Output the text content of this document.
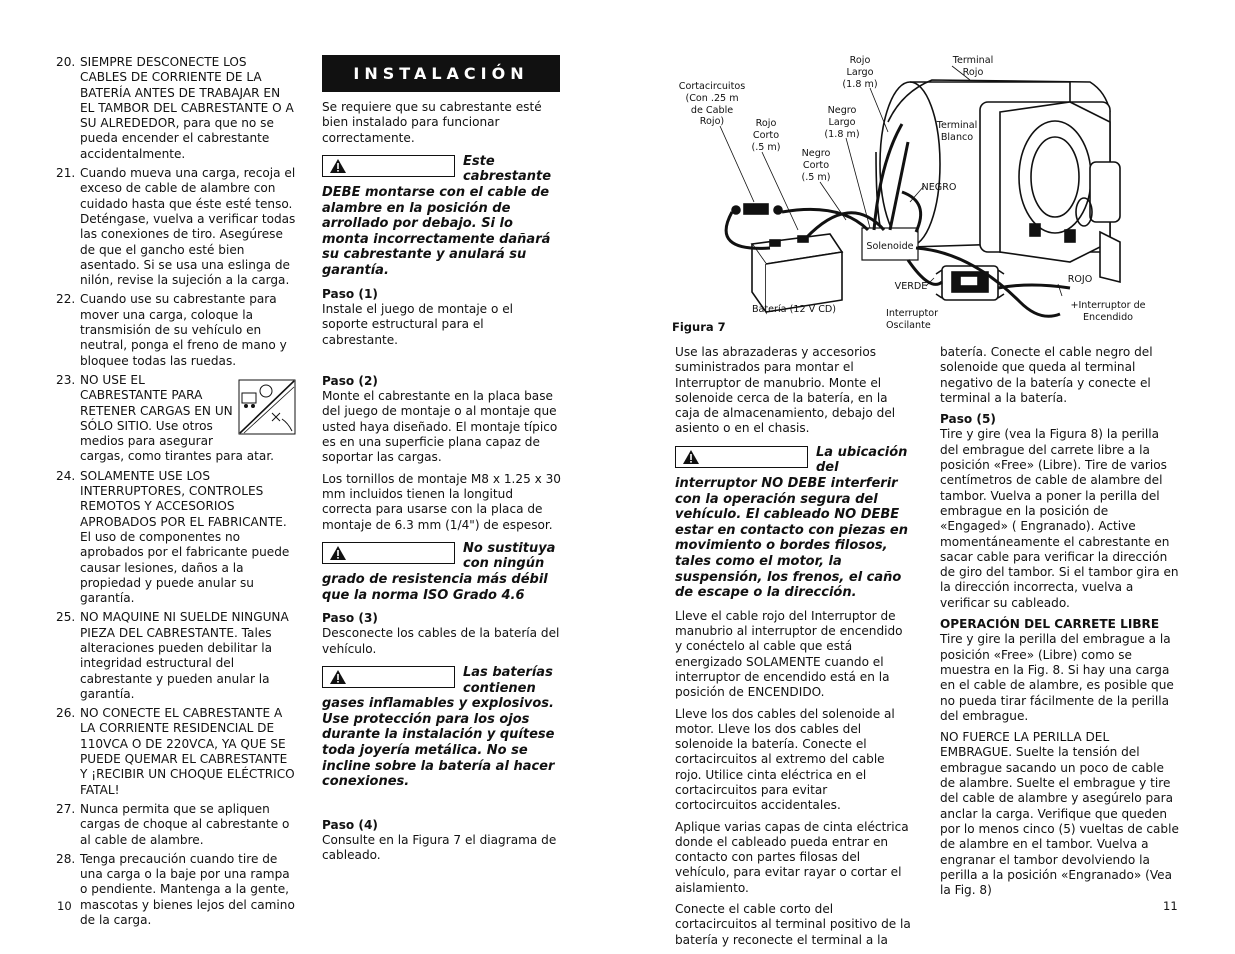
20. SIEMPRE DESCONECTE LOS CABLES DE CORRIENTE DE LA BATERÍA ANTES DE TRABAJAR EN EL TAMBOR DEL CABRESTANTE O A SU ALREDEDOR, para que no se pueda encender el cabrestante accidentalmente.
21. Cuando mueva una carga, recoja el exceso de cable de alambre con cuidado hasta que éste esté tenso. Deténgase, vuelva a verificar todas las conexiones de tiro. Asegúrese de que el gancho esté bien asentado. Si se usa una eslinga de nilón, revise la sujeción a la carga.
22. Cuando use su cabrestante para mover una carga, coloque la transmisión de su vehículo en neutral, ponga el freno de mano y bloquee todas las ruedas.
23. NO USE EL CABRESTANTE PARA RETENER CARGAS EN UN SÓLO SITIO. Use otros medios para asegurar cargas, como tirantes para atar.
24. SOLAMENTE USE LOS INTERRUPTORES, CONTROLES REMOTOS Y ACCESORIOS APROBADOS POR EL FABRICANTE. El uso de componentes no aprobados por el fabricante puede causar lesiones, daños a la propiedad y puede anular su garantía.
25. NO MAQUINE NI SUELDE NINGUNA PIEZA DEL CABRESTANTE. Tales alteraciones pueden debilitar la integridad estructural del cabrestante y pueden anular la garantía.
26. NO CONECTE EL CABRESTANTE A LA CORRIENTE RESIDENCIAL DE 110VCA O DE 220VCA, YA QUE SE PUEDE QUEMAR EL CABRESTANTE Y ¡RECIBIR UN CHOQUE ELÉCTRICO FATAL!
27. Nunca permita que se apliquen cargas de choque al cabrestante o al cable de alambre.
28. Tenga precaución cuando tire de una carga o la baje por una rampa o pendiente. Mantenga a la gente, mascotas y bienes lejos del camino de la carga.
INSTALACIÓN

Se requiere que su cabrestante esté bien instalado para funcionar correctamente.

Este cabrestante DEBE montarse con el cable de alambre en la posición de arrollado por debajo. Si lo monta incorrectamente dañará su cabrestante y anulará su garantía.
Paso (1)

Instale el juego de montaje o el soporte estructural para el cabrestante.

Paso (2)

Monte el cabrestante en la placa base del juego de montaje o al montaje que usted haya diseñado. El montaje típico es en una superficie plana capaz de soportar las cargas.

Los tornillos de montaje M8 x 1.25 x 30 mm incluidos tienen la longitud correcta para usarse con la placa de montaje de 6.3 mm (1/4") de espesor.

No sustituya con ningún grado de resistencia más débil que la norma ISO Grado 4.6
Paso (3)

Desconecte los cables de la batería del vehículo.

Las baterías contienen gases inflamables y explosivos. Use protección para los ojos durante la instalación y quítese toda joyería metálica. No se incline sobre la batería al hacer conexiones.
Paso (4)

Consulte en la Figura 7 el diagrama de cableado.

Cortacircuitos
(Con .25 m
de Cable
Rojo)	Rojo
Corto
(.5 m)
Rojo
Largo
(1.8 m)
Negro
Largo
(1.8 m)
Negro
Corto
(.5 m)
Terminal
Rojo
Terminal
Blanco
NEGRO
Solenoide
VERDE
ROJO
Batería (12 V CD)	Interruptor
Oscilante
+Interruptor de
Encendido
Figura 7

Use las abrazaderas y accesorios suministrados para montar el Interruptor de manubrio. Monte el solenoide cerca de la batería, en la caja de almacenamiento, debajo del asiento o en el chasis.

La ubicación del interruptor NO DEBE interferir con la operación segura del vehículo. El cableado NO DEBE estar en contacto con piezas en movimiento o bordes filosos, tales como el motor, la suspensión, los frenos, el caño de escape o la dirección.

Lleve el cable rojo del Interruptor de manubrio al interruptor de encendido y conéctelo al cable que está energizado SOLAMENTE cuando el interruptor de encendido está en la posición de ENCENDIDO.

Lleve los dos cables del solenoide al motor. Lleve los dos cables del solenoide la batería. Conecte el cortacircuitos al extremo del cable rojo. Utilice cinta eléctrica en el cortacircuitos para evitar cortocircuitos accidentales.

Aplique varias capas de cinta eléctrica donde el cableado pueda entrar en contacto con partes filosas del vehículo, para evitar rayar o cortar el aislamiento.

Conecte el cable corto del cortacircuitos al terminal positivo de la batería y reconecte el terminal a la

batería. Conecte el cable negro del solenoide que queda al terminal negativo de la batería y conecte el terminal a la batería.

Paso (5)

Tire y gire (vea la Figura 8) la perilla del embrague del carrete libre a la posición «Free» (Libre). Tire de varios centímetros de cable de alambre del tambor. Vuelva a poner la perilla del embrague en la posición de «Engaged» ( Engranado). Active momentáneamente el cabrestante en sacar cable para verificar la dirección de giro del tambor. Si el tambor gira en la dirección incorrecta, vuelva a verificar su cableado.

OPERACIÓN DEL CARRETE LIBRE

Tire y gire la perilla del embrague a la posición «Free» (Libre) como se muestra en la Fig. 8. Si hay una carga en el cable de alambre, es posible que no pueda tirar fácilmente de la perilla del embrague.

NO FUERCE LA PERILLA DEL EMBRAGUE. Suelte la tensión del embrague sacando un poco de cable de alambre. Suelte el embrague y tire del cable de alambre y asegúrelo para anclar la carga. Verifique que queden por lo menos cinco (5) vueltas de cable de alambre en el tambor. Vuelva a engranar el tambor devolviendo la perilla a la posición «Engranado» (Vea la Fig. 8)

10	11
